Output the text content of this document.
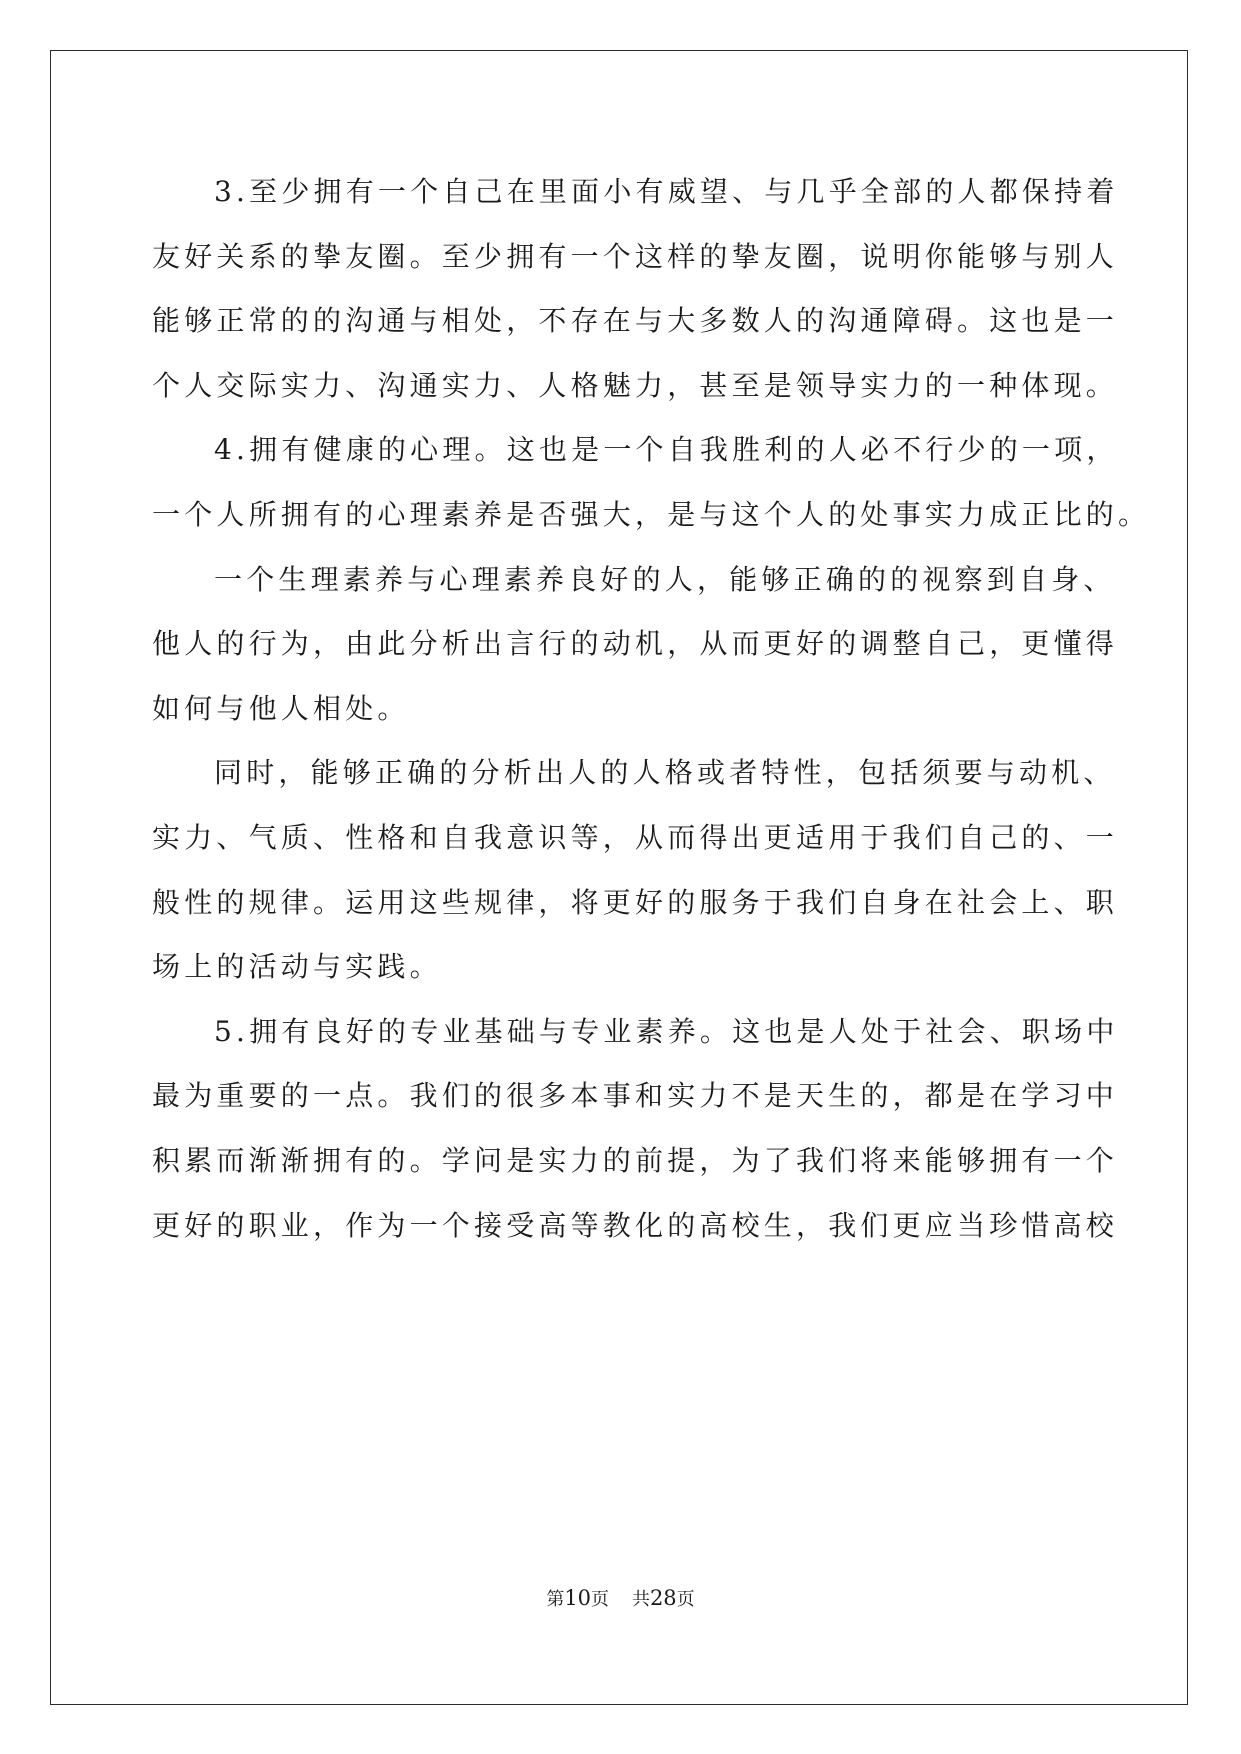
3.至少拥有一个自己在里面小有威望、与几乎全部的人都保持着
友好关系的挚友圈。至少拥有一个这样的挚友圈，说明你能够与别人
能够正常的的沟通与相处，不存在与大多数人的沟通障碍。这也是一
个人交际实力、沟通实力、人格魅力，甚至是领导实力的一种体现。
4.拥有健康的心理。这也是一个自我胜利的人必不行少的一项，
一个人所拥有的心理素养是否强大，是与这个人的处事实力成正比的。
一个生理素养与心理素养良好的人，能够正确的的视察到自身、
他人的行为，由此分析出言行的动机，从而更好的调整自己，更懂得
如何与他人相处。
同时，能够正确的分析出人的人格或者特性，包括须要与动机、
实力、气质、性格和自我意识等，从而得出更适用于我们自己的、一
般性的规律。运用这些规律，将更好的服务于我们自身在社会上、职
场上的活动与实践。
5.拥有良好的专业基础与专业素养。这也是人处于社会、职场中
最为重要的一点。我们的很多本事和实力不是天生的，都是在学习中
积累而渐渐拥有的。学问是实力的前提，为了我们将来能够拥有一个
更好的职业，作为一个接受高等教化的高校生，我们更应当珍惜高校
第10页 共28页
